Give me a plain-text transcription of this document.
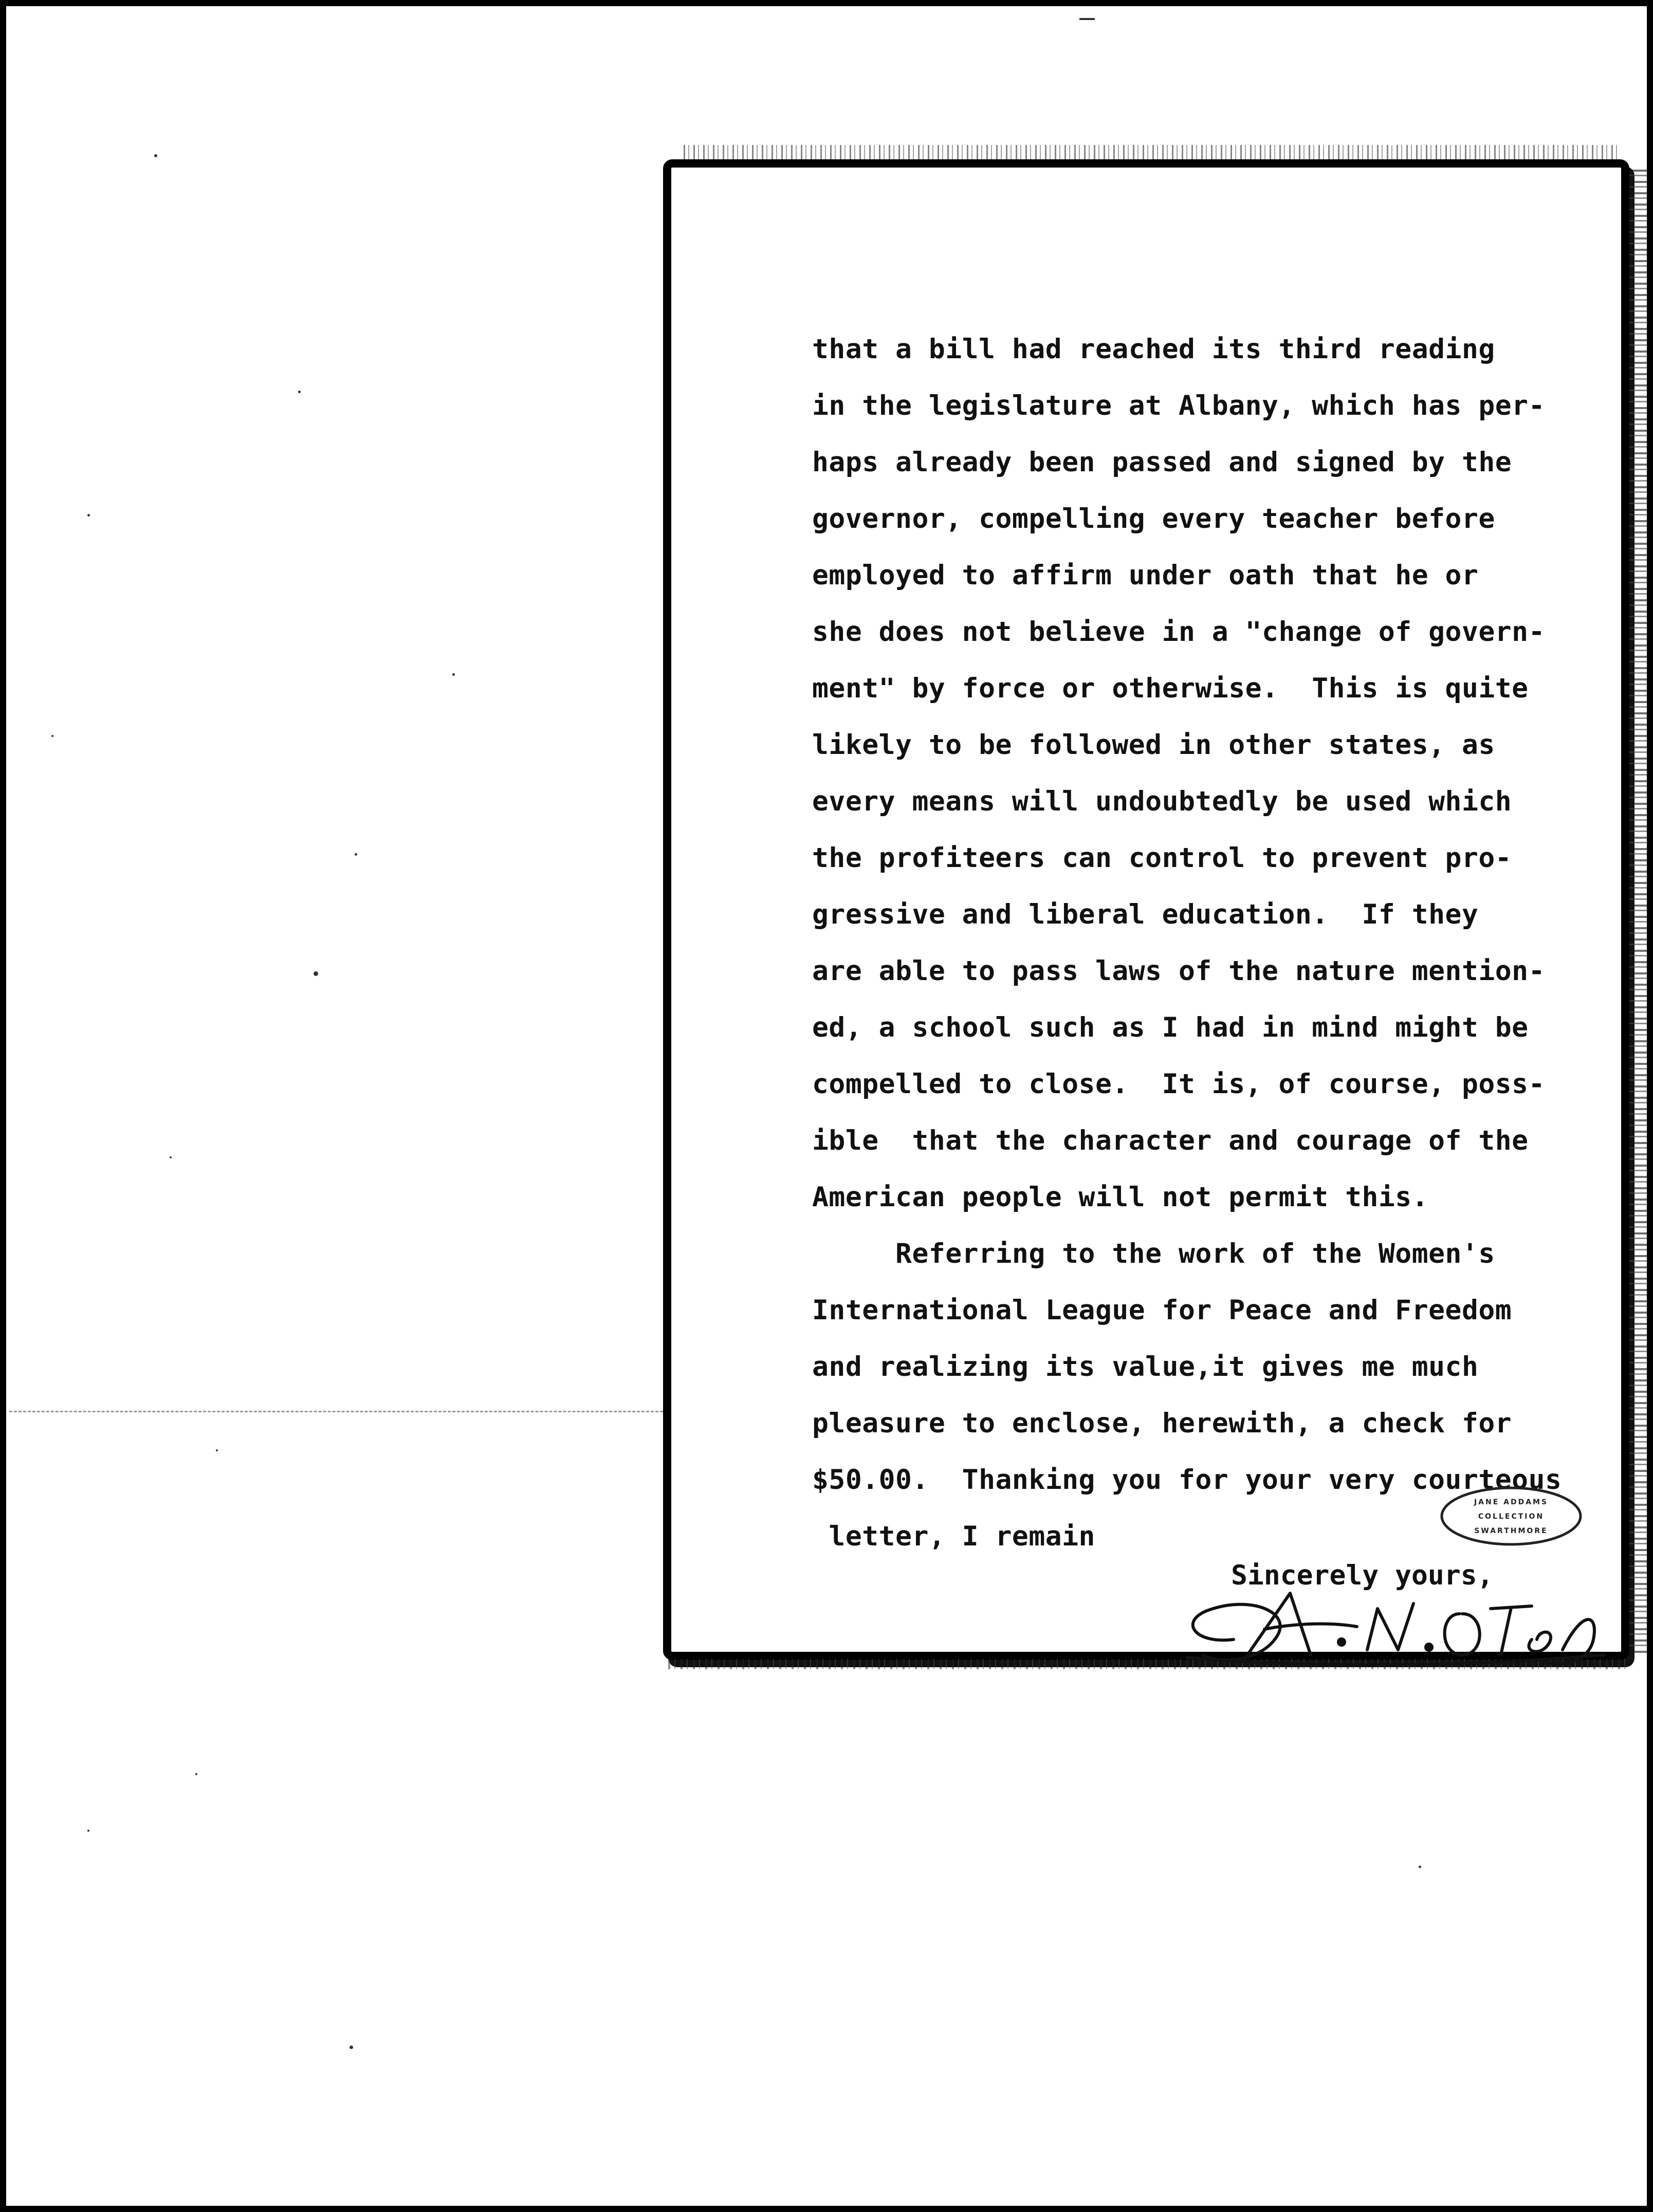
that a bill had reached its third reading
in the legislature at Albany, which has per-
haps already been passed and signed by the
governor, compelling every teacher before
employed to affirm under oath that he or
she does not believe in a "change of govern-
ment" by force or otherwise.  This is quite
likely to be followed in other states, as
every means will undoubtedly be used which
the profiteers can control to prevent pro-
gressive and liberal education.  If they
are able to pass laws of the nature mention-
ed, a school such as I had in mind might be
compelled to close.  It is, of course, poss-
ible  that the character and courage of the
American people will not permit this.
Referring to the work of the Women's
International League for Peace and Freedom
and realizing its value,it gives me much
pleasure to enclose, herewith, a check for
$50.00.  Thanking you for your very courteous
letter, I remain
JANE ADDAMS
COLLECTION
SWARTHMORE
Sincerely yours,
